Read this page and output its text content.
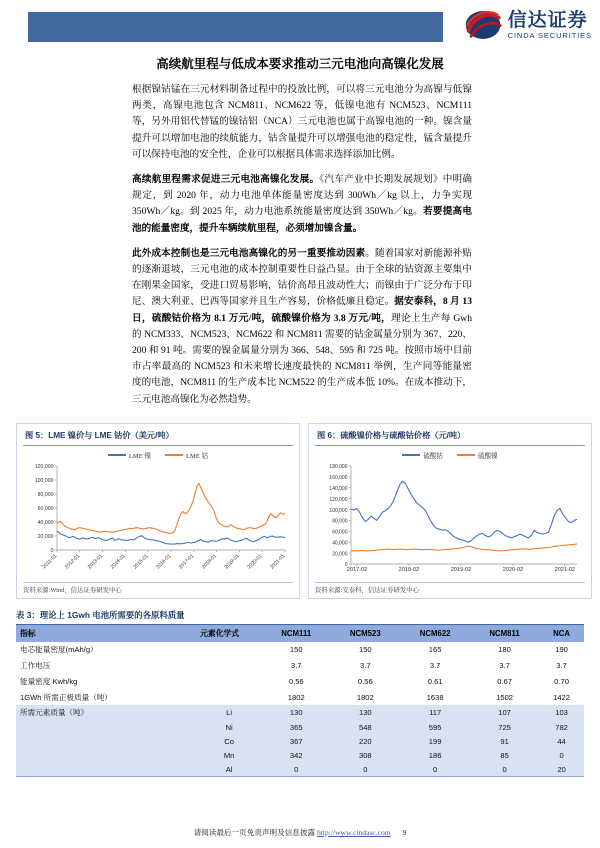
信达证券
CINDA SECURITIES
高续航里程与低成本要求推动三元电池向高镍化发展

根据镍钴锰在三元材料制备过程中的投放比例，可以将三元电池分为高镍与低镍两类，高镍电池包含 NCM811、NCM622 等，低镍电池有 NCM523、NCM111 等，另外用铝代替锰的镍钴铝（NCA）三元电池也属于高镍电池的一种。镍含量提升可以增加电池的续航能力，钴含量提升可以增强电池的稳定性，锰含量提升可以保持电池的安全性，企业可以根据具体需求选择添加比例。

高续航里程需求促进三元电池高镍化发展。《汽车产业中长期发展规划》中明确规定，到 2020 年，动力电池单体能量密度达到 300Wh／kg 以上，力争实现 350Wh／kg。到 2025 年，动力电池系统能量密度达到 350Wh／kg。若要提高电池的能量密度，提升车辆续航里程，必须增加镍含量。

此外成本控制也是三元电池高镍化的另一重要推动因素。随着国家对新能源补贴的逐渐退坡，三元电池的成本控制重要性日益凸显。由于全球的钴资源主要集中在刚果金国家，受进口贸易影响，钴价高昂且波动性大；而镍由于广泛分布于印尼、澳大利亚、巴西等国家并且生产容易，价格低廉且稳定。据安泰科，8 月 13 日，硫酸钴价格为 8.1 万元/吨，硫酸镍价格为 3.8 万元/吨，理论上生产每 Gwh 的 NCM333、NCM523、NCM622 和 NCM811 需要的钴金属量分别为 367、220、200 和 91 吨。需要的镍金属量分别为 366、548、595 和 725 吨。按照市场中目前市占率最高的 NCM523 和未来增长速度最快的 NCM811 举例，生产同等能量密度的电池，NCM811 的生产成本比 NCM522 的生产成本低 10%。在成本推动下，三元电池高镍化为必然趋势。

图 5：LME 镍价与 LME 钴价（美元/吨）
LME 镍	LME 钴
0
20,000
40,000
60,000
80,000
100,000
120,000
2011-01 2012-01 2013-01 2014-01 2015-01 2016-01 2017-01 2018-01 2019-01 2020-01 2021-01
资料来源:Wind，信达证券研发中心
图 6：硫酸镍价格与硫酸钴价格（元/吨）
硫酸钴	硫酸镍
0
20,000
40,000
60,000
80,000
100,000
120,000
140,000
160,000
180,000
2017-02	2018-02	2019-02	2020-02	2021-02
资料来源:安泰科，信达证券研发中心
表 3：理论上 1Gwh 电池所需要的各原料质量
指标	元素化学式	NCM111	NCM523	NCM622	NCM811	NCA
电芯能量密度(mAh/g）		150	150	165	180	190
工作电压		3.7	3.7	3.7	3.7	3.7
能量密度 Kwh/kg		0.56	0.56	0.61	0.67	0.70
1GWh 所需正极质量（吨）		1802	1802	1638	1502	1422
所需元素质量（吨）	Li	130	130	117	107	103
	Ni	365	548	595	725	782
	Co	367	220	199	91	44
	Mn	342	308	186	85	0
	Al	0	0	0	0	20
请阅读最后一页免责声明及信息披露 http://www.cindasc.com 9
